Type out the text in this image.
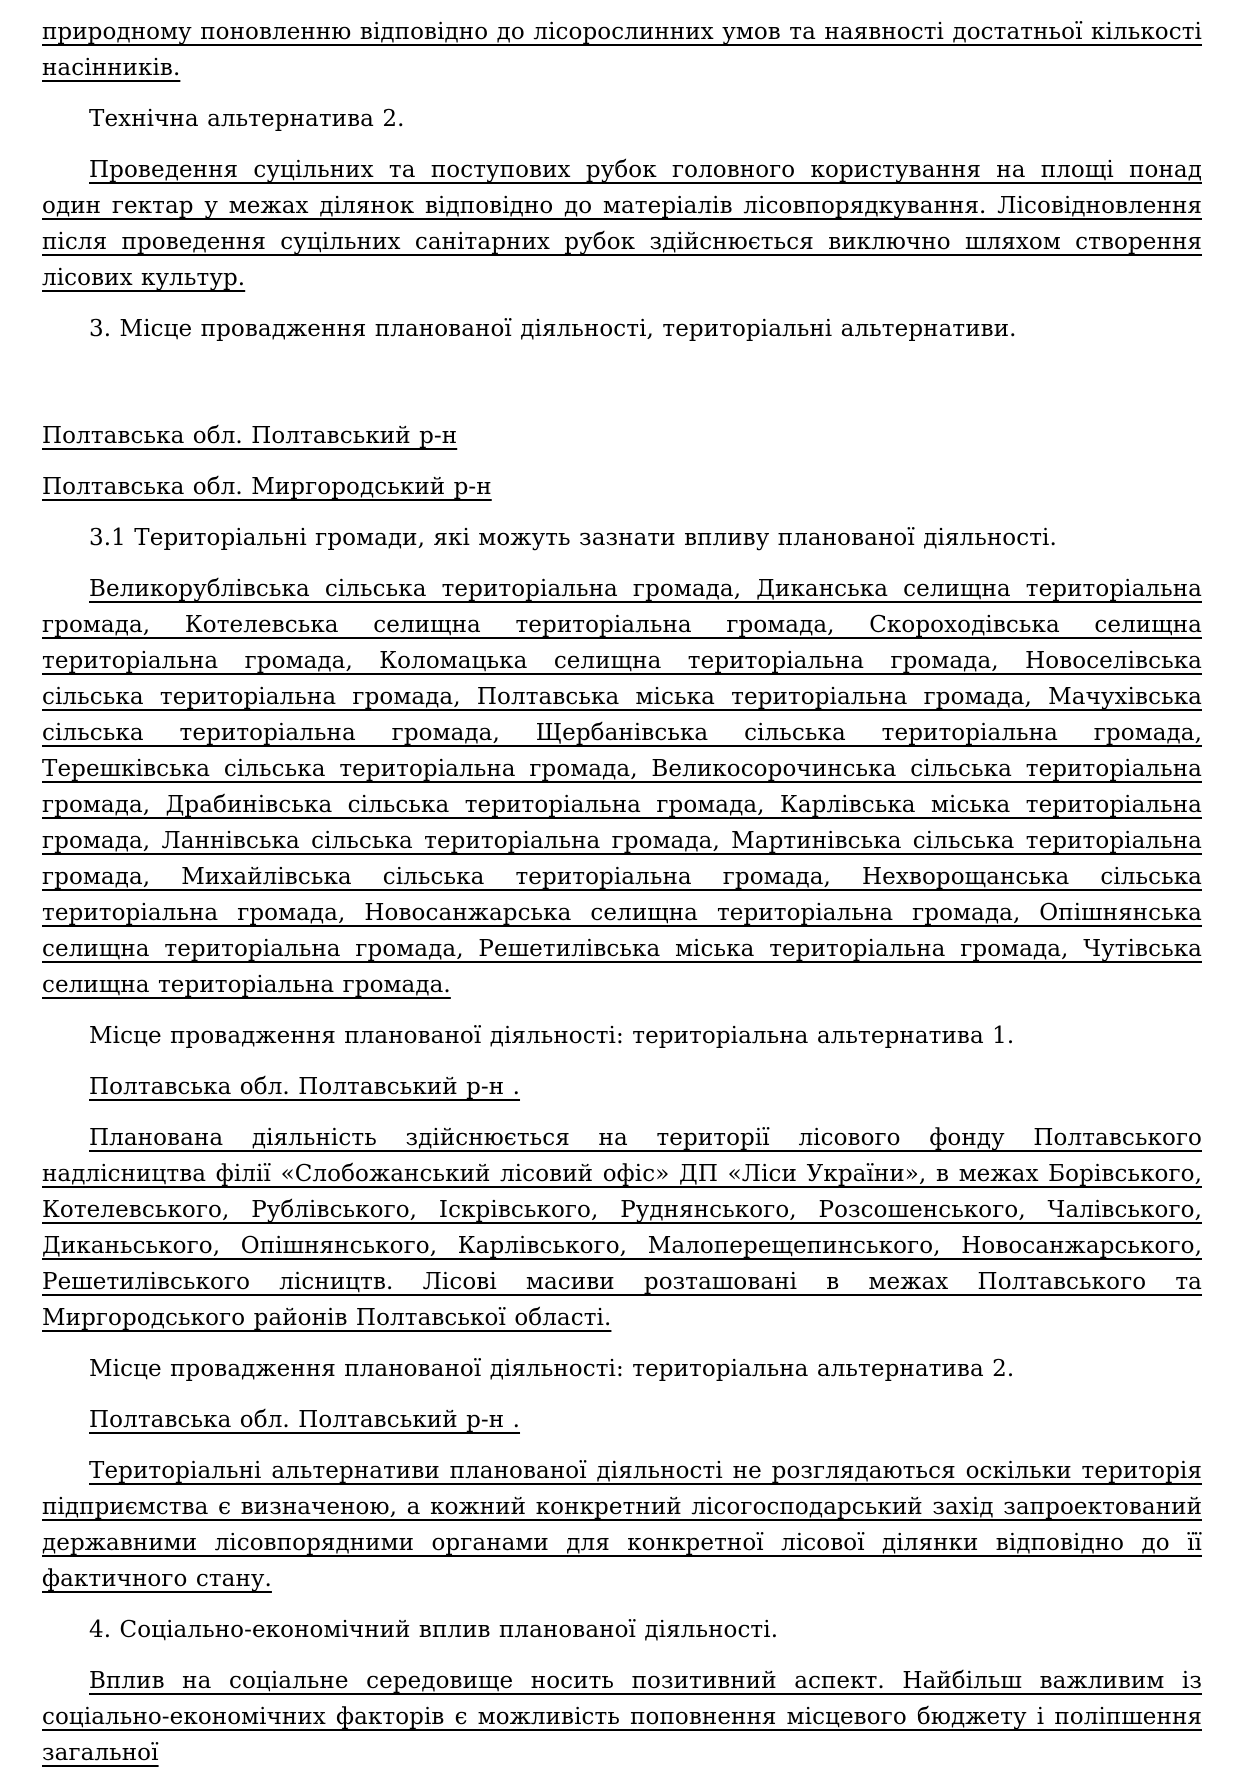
природному поновленню відповідно до лісорослинних умов та наявності достатньої кількості насінників.

Технічна альтернатива 2.

Проведення суцільних та поступових рубок головного користування на площі понад один гектар у межах ділянок відповідно до матеріалів лісовпорядкування. Лісовідновлення після проведення суцільних санітарних рубок здійснюється виключно шляхом створення лісових культур.

3. Місце провадження планованої діяльності, територіальні альтернативи.

Полтавська обл. Полтавський р-н

Полтавська обл. Миргородський р-н

3.1 Територіальні громади, які можуть зазнати впливу планованої діяльності.

Великорублівська сільська територіальна громада, Диканська селищна територіальна громада, Котелевська селищна територіальна громада, Скороходівська селищна територіальна громада, Коломацька селищна територіальна громада, Новоселівська сільська територіальна громада, Полтавська міська територіальна громада, Мачухівська сільська територіальна громада, Щербанівська сільська територіальна громада, Терешківська сільська територіальна громада, Великосорочинська сільська територіальна громада, Драбинівська сільська територіальна громада, Карлівська міська територіальна громада, Ланнівська сільська територіальна громада, Мартинівська сільська територіальна громада, Михайлівська сільська територіальна громада, Нехворощанська сільська територіальна громада, Новосанжарська селищна територіальна громада, Опішнянська селищна територіальна громада, Решетилівська міська територіальна громада, Чутівська селищна територіальна громада.

Місце провадження планованої діяльності: територіальна альтернатива 1.

Полтавська обл. Полтавський р-н .

Планована діяльність здійснюється на території лісового фонду Полтавського надлісництва філії «Слобожанський лісовий офіс» ДП «Ліси України», в межах Борівського, Котелевського, Рублівського, Іскрівського, Руднянського, Розсошенського, Чалівського, Диканьського, Опішнянського, Карлівського, Малоперещепинського, Новосанжарського, Решетилівського лісництв. Лісові масиви розташовані в межах Полтавського та Миргородського районів Полтавської області.

Місце провадження планованої діяльності: територіальна альтернатива 2.

Полтавська обл. Полтавський р-н .

Територіальні альтернативи планованої діяльності не розглядаються оскільки територія підприємства є визначеною, а кожний конкретний лісогосподарський захід запроектований державними лісовпорядними органами для конкретної лісової ділянки відповідно до її фактичного стану.

4. Соціально-економічний вплив планованої діяльності.

Вплив на соціальне середовище носить позитивний аспект. Найбільш важливим із соціально-економічних факторів є можливість поповнення місцевого бюджету і поліпшення загальної
